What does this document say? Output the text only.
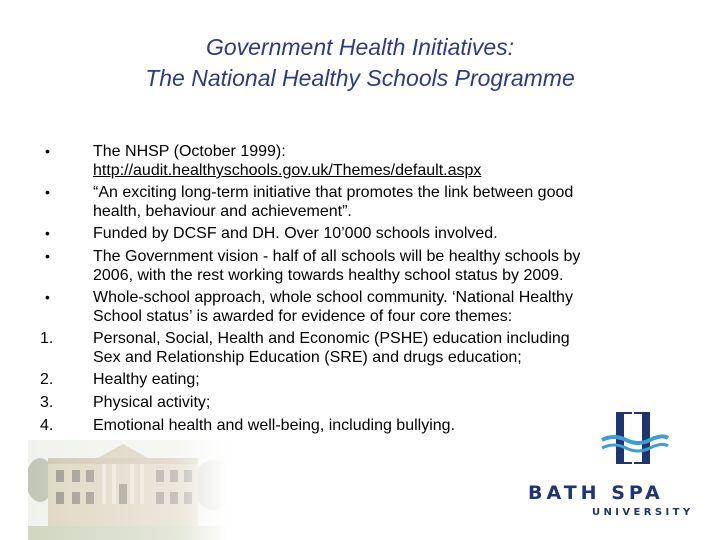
Government Health Initiatives:
The National Healthy Schools Programme
•	The NHSP (October 1999):
http://audit.healthyschools.gov.uk/Themes/default.aspx
•	“An exciting long-term initiative that promotes the link between good
health, behaviour and achievement”.
•	Funded by DCSF and DH. Over 10’000 schools involved.
•	The Government vision - half of all schools will be healthy schools by
2006, with the rest working towards healthy school status by 2009.
•	Whole-school approach, whole school community. ‘National Healthy
School status’ is awarded for evidence of four core themes:
1.	Personal, Social, Health and Economic (PSHE) education including
Sex and Relationship Education (SRE) and drugs education;
2.	Healthy eating;
3.	Physical activity;
4.	Emotional health and well-being, including bullying.
BATH SPA
UNIVERSITY
